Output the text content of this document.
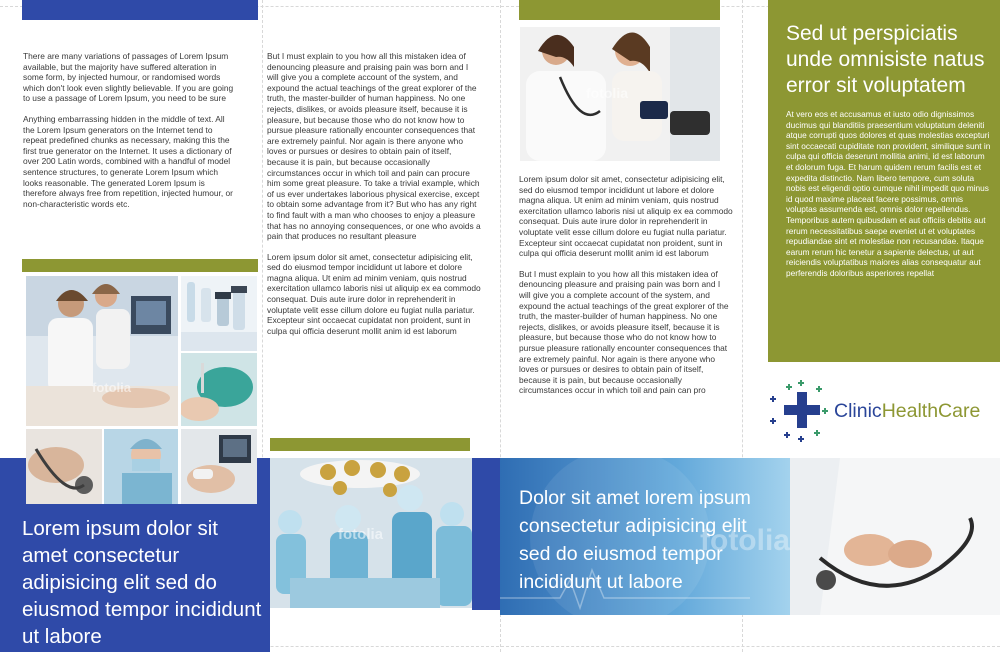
There are many variations of passages of Lorem Ipsum available, but the majority have suffered alteration in some form, by injected humour, or randomised words which don't look even slightly believable. If you are going to use a passage of Lorem Ipsum, you need to be sure

Anything embarrassing hidden in the middle of text. All the Lorem Ipsum generators on the Internet tend to repeat predefined chunks as necessary, making this the first true generator on the Internet. It uses a dictionary of over 200 Latin words, combined with a handful of model sentence structures, to generate Lorem Ipsum which looks reasonable. The generated Lorem Ipsum is therefore always free from repetition, injected humour, or non-characteristic words etc.

fotolia

Lorem ipsum dolor sit amet consectetur adipisicing elit sed do eiusmod tempor incididunt ut labore

But I must explain to you how all this mistaken idea of denouncing pleasure and praising pain was born and I will give you a complete account of the system, and expound the actual teachings of the great explorer of the truth, the master-builder of human happiness. No one rejects, dislikes, or avoids pleasure itself, because it is pleasure, but because those who do not know how to pursue pleasure rationally encounter consequences that are extremely painful. Nor again is there anyone who loves or pursues or desires to obtain pain of itself, because it is pain, but because occasionally circumstances occur in which toil and pain can procure him some great pleasure. To take a trivial example, which of us ever undertakes laborious physical exercise, except to obtain some advantage from it? But who has any right to find fault with a man who chooses to enjoy a pleasure that has no annoying consequences, or one who avoids a pain that produces no resultant pleasure

Lorem ipsum dolor sit amet, consectetur adipisicing elit, sed do eiusmod tempor incididunt ut labore et dolore magna aliqua. Ut enim ad minim veniam, quis nostrud exercitation ullamco laboris nisi ut aliquip ex ea commodo consequat. Duis aute irure dolor in reprehenderit in voluptate velit esse cillum dolore eu fugiat nulla pariatur. Excepteur sint occaecat cupidatat non proident, sunt in culpa qui officia deserunt mollit anim id est laborum

fotolia
fotolia

Lorem ipsum dolor sit amet, consectetur adipisicing elit, sed do eiusmod tempor incididunt ut labore et dolore magna aliqua. Ut enim ad minim veniam, quis nostrud exercitation ullamco laboris nisi ut aliquip ex ea commodo consequat. Duis aute irure dolor in reprehenderit in voluptate velit esse cillum dolore eu fugiat nulla pariatur. Excepteur sint occaecat cupidatat non proident, sunt in culpa qui officia deserunt mollit anim id est laborum

But I must explain to you how all this mistaken idea of denouncing pleasure and praising pain was born and I will give you a complete account of the system, and expound the actual teachings of the great explorer of the truth, the master-builder of human happiness. No one rejects, dislikes, or avoids pleasure itself, because it is pleasure, but because those who do not know how to pursue pleasure rationally encounter consequences that are extremely painful. Nor again is there anyone who loves or pursues or desires to obtain pain of itself, because it is pain, but because occasionally circumstances occur in which toil and pain can pro

fotolia

Dolor sit amet lorem ipsum consectetur adipisicing elit sed do eiusmod tempor incididunt ut labore

Sed ut perspiciatis unde omnisiste natus error sit voluptatem

At vero eos et accusamus et iusto odio dignissimos ducimus qui blanditiis praesentium voluptatum deleniti atque corrupti quos dolores et quas molestias excepturi sint occaecati cupiditate non provident, similique sunt in culpa qui officia deserunt mollitia animi, id est laborum et dolorum fuga. Et harum quidem rerum facilis est et expedita distinctio. Nam libero tempore, cum soluta nobis est eligendi optio cumque nihil impedit quo minus id quod maxime placeat facere possimus, omnis voluptas assumenda est, omnis dolor repellendus. Temporibus autem quibusdam et aut officiis debitis aut rerum necessitatibus saepe eveniet ut et voluptates repudiandae sint et molestiae non recusandae. Itaque earum rerum hic tenetur a sapiente delectus, ut aut reiciendis voluptatibus maiores alias consequatur aut perferendis doloribus asperiores repellat

ClinicHealthCare
